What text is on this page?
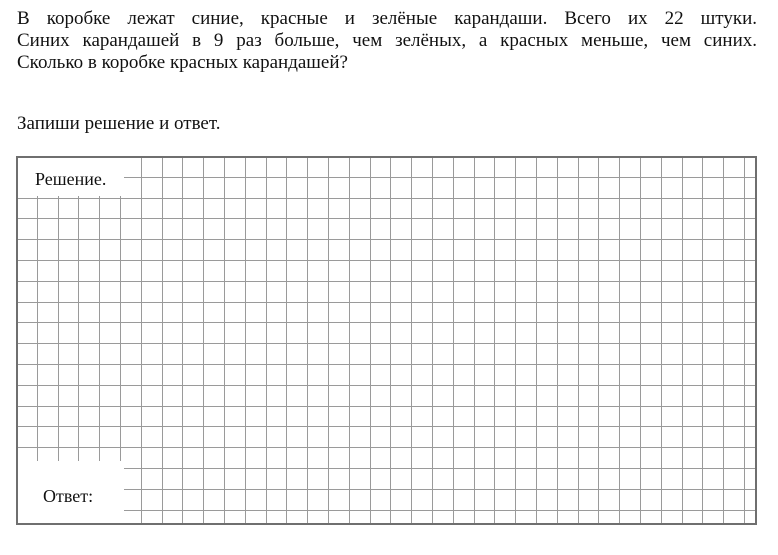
В коробке лежат синие, красные и зелёные карандаши. Всего их 22 штуки.
Синих карандашей в 9 раз больше, чем зелёных, а красных меньше, чем синих.
Сколько в коробке красных карандашей?

Запиши решение и ответ.

Решение.
Ответ:
